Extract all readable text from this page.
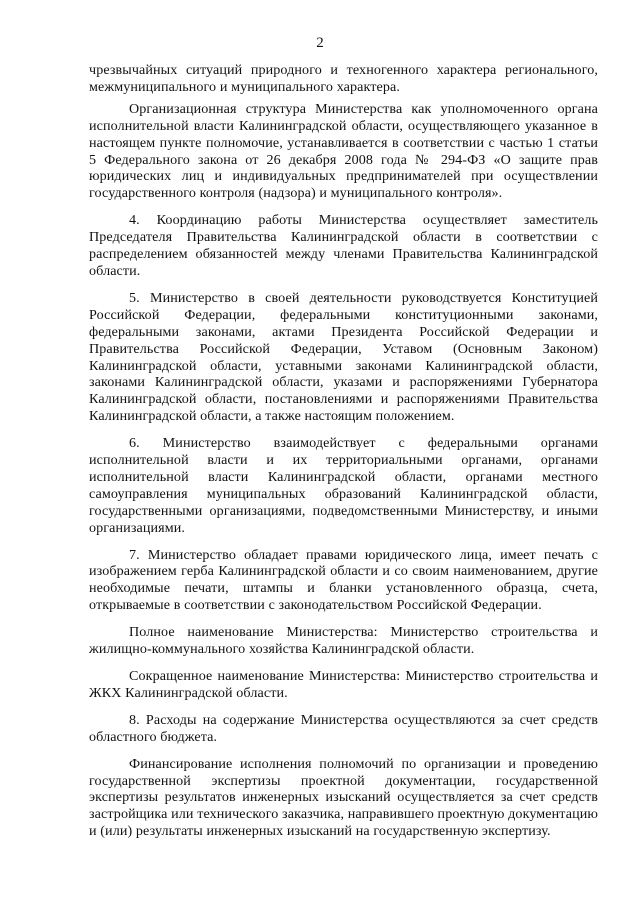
2

чрезвычайных ситуаций природного и техногенного характера регионального, межмуниципального и муниципального характера.

Организационная структура Министерства как уполномоченного органа исполнительной власти Калининградской области, осуществляющего указанное в настоящем пункте полномочие, устанавливается в соответствии с частью 1 статьи 5 Федерального закона от 26 декабря 2008 года № 294-ФЗ «О защите прав юридических лиц и индивидуальных предпринимателей при осуществлении государственного контроля (надзора) и муниципального контроля».

4. Координацию работы Министерства осуществляет заместитель Председателя Правительства Калининградской области в соответствии с распределением обязанностей между членами Правительства Калининградской области.

5. Министерство в своей деятельности руководствуется Конституцией Российской Федерации, федеральными конституционными законами, федеральными законами, актами Президента Российской Федерации и Правительства Российской Федерации, Уставом (Основным Законом) Калининградской области, уставными законами Калининградской области, законами Калининградской области, указами и распоряжениями Губернатора Калининградской области, постановлениями и распоряжениями Правительства Калининградской области, а также настоящим положением.

6. Министерство взаимодействует с федеральными органами исполнительной власти и их территориальными органами, органами исполнительной власти Калининградской области, органами местного самоуправления муниципальных образований Калининградской области, государственными организациями, подведомственными Министерству, и иными организациями.

7. Министерство обладает правами юридического лица, имеет печать с изображением герба Калининградской области и со своим наименованием, другие необходимые печати, штампы и бланки установленного образца, счета, открываемые в соответствии с законодательством Российской Федерации.

Полное наименование Министерства: Министерство строительства и жилищно-коммунального хозяйства Калининградской области.

Сокращенное наименование Министерства: Министерство строительства и ЖКХ Калининградской области.

8. Расходы на содержание Министерства осуществляются за счет средств областного бюджета.

Финансирование исполнения полномочий по организации и проведению государственной экспертизы проектной документации, государственной экспертизы результатов инженерных изысканий осуществляется за счет средств застройщика или технического заказчика, направившего проектную документацию и (или) результаты инженерных изысканий на государственную экспертизу.
